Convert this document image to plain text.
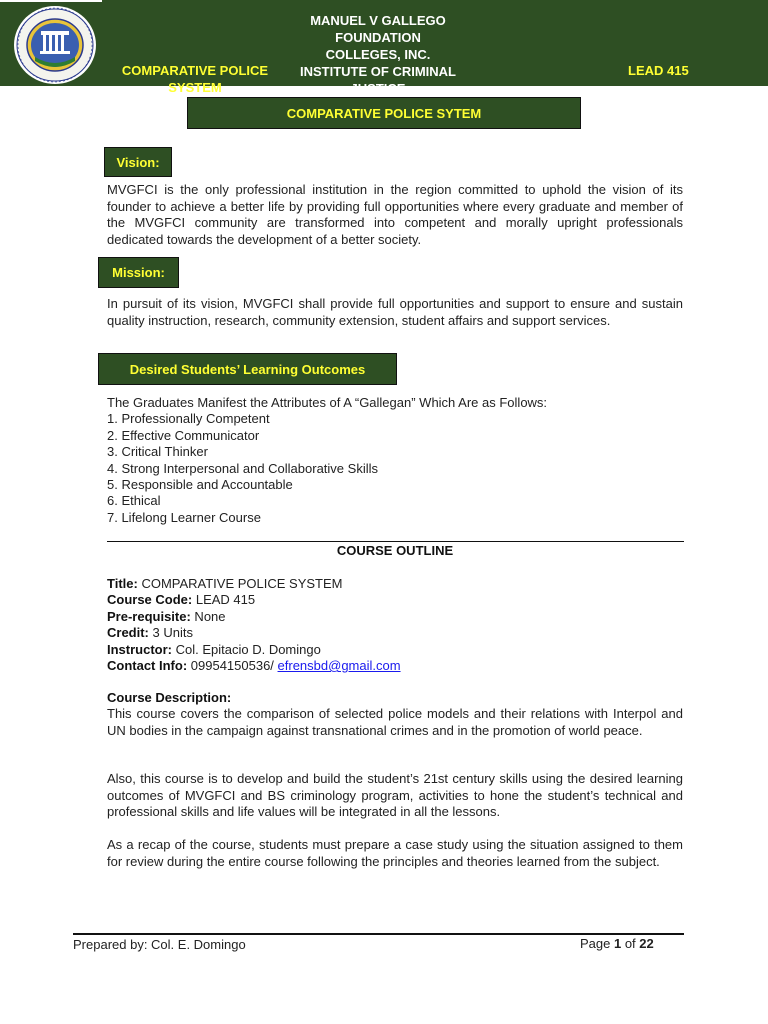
MANUEL V GALLEGO FOUNDATION COLLEGES, INC. INSTITUTE OF CRIMINAL JUSTICE
COMPARATIVE POLICE SYSTEM
LEAD 415
COMPARATIVE POLICE SYTEM
Vision:
MVGFCI is the only professional institution in the region committed to uphold the vision of its founder to achieve a better life by providing full opportunities where every graduate and member of the MVGFCI community are transformed into competent and morally upright professionals dedicated towards the development of a better society.
Mission:
In pursuit of its vision, MVGFCI shall provide full opportunities and support to ensure and sustain quality instruction, research, community extension, student affairs and support services.
Desired Students’ Learning Outcomes
The Graduates Manifest the Attributes of A “Gallegan” Which Are as Follows:
1. Professionally Competent
2. Effective Communicator
3. Critical Thinker
4. Strong Interpersonal and Collaborative Skills
5. Responsible and Accountable
6. Ethical
7. Lifelong Learner Course
COURSE OUTLINE
Title: COMPARATIVE POLICE SYSTEM
Course Code: LEAD 415
Pre-requisite: None
Credit: 3 Units
Instructor: Col. Epitacio D. Domingo
Contact Info: 09954150536/ efrensbd@gmail.com
Course Description:
This course covers the comparison of selected police models and their relations with Interpol and UN bodies in the campaign against transnational crimes and in the promotion of world peace.
Also, this course is to develop and build the student’s 21st century skills using the desired learning outcomes of MVGFCI and BS criminology program, activities to hone the student’s technical and professional skills and life values will be integrated in all the lessons.
As a recap of the course, students must prepare a case study using the situation assigned to them for review during the entire course following the principles and theories learned from the subject.
Prepared by: Col. E. Domingo	Page 1 of 22
